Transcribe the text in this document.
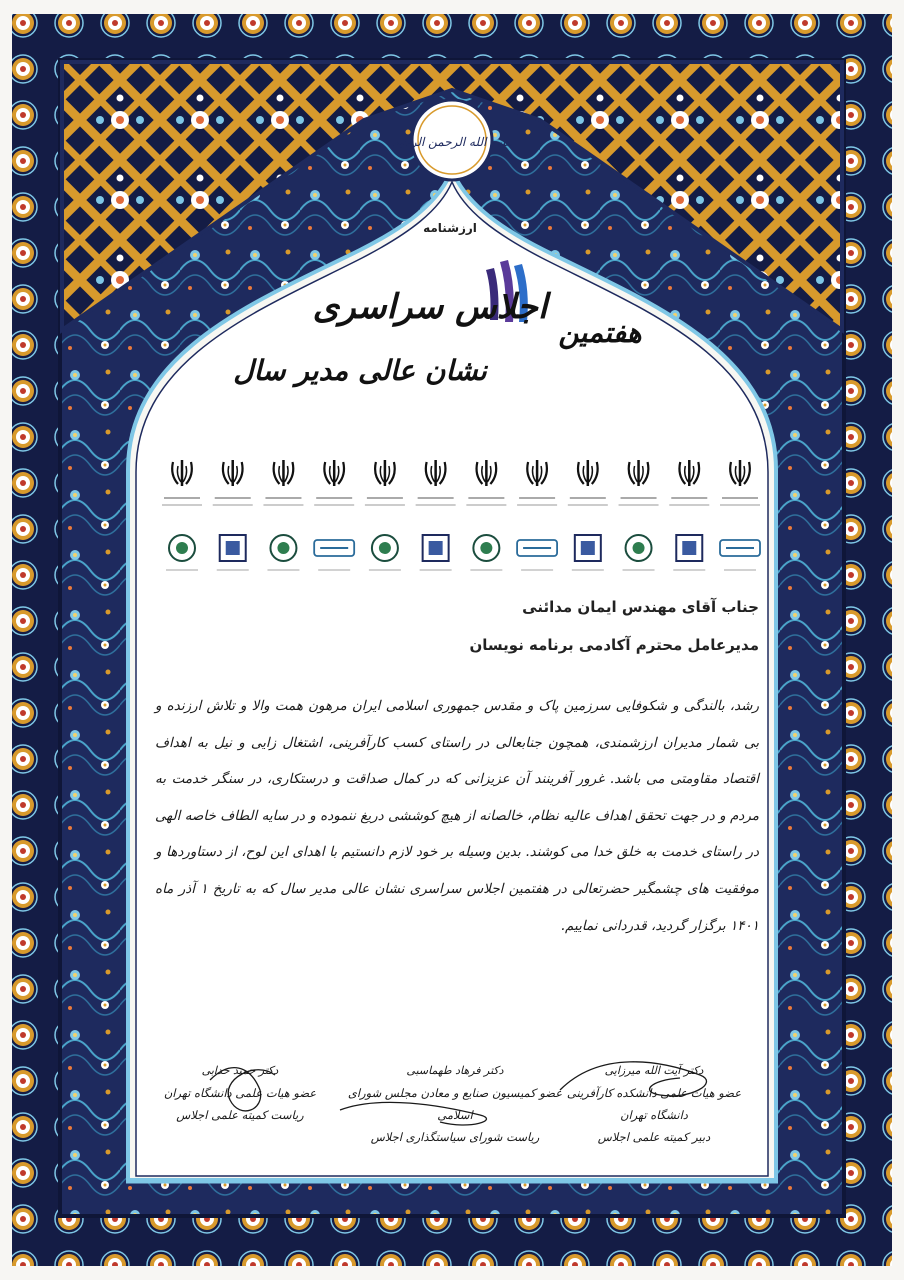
بسم الله الرحمن الرحیم
ارزشنامه
اجلاس سراسری
هفتمین
نشان عالی مدیر سال
جناب آقای مهندس ایمان مدائنی
مدیرعامل محترم آکادمی برنامه نویسان
رشد، بالندگی و شکوفایی سرزمین پاک و مقدس جمهوری اسلامی ایران مرهون همت والا و تلاش ارزنده و بی شمار مدیران ارزشمندی، همچون جنابعالی در راستای کسب کارآفرینی، اشتغال زایی و نیل به اهداف اقتصاد مقاومتی می باشد. غرور آفرینند آن عزیزانی که در کمال صداقت و درستکاری، در سنگر خدمت به مردم و در جهت تحقق اهداف عالیه نظام، خالصانه از هیچ کوششی دریغ ننموده و در سایه الطاف خاصه الهی در راستای خدمت به خلق خدا می کوشند. بدین وسیله بر خود لازم دانستیم با اهدای این لوح، از دستاوردها و موفقیت های چشمگیر حضرتعالی در هفتمین اجلاس سراسری نشان عالی مدیر سال که به تاریخ ۱ آذر ماه ۱۴۰۱ برگزار گردید، قدردانی نماییم.
دکتر آیت الله میرزایی
عضو هیات علمی دانشکده کارآفرینی دانشگاه تهران
دبیر کمیته علمی اجلاس
دکتر فرهاد طهماسبی
عضو کمیسیون صنایع و معادن مجلس شورای اسلامی
ریاست شورای سیاستگذاری اجلاس
دکتر حمید خدابی
عضو هیات علمی دانشگاه تهران
ریاست کمیته علمی اجلاس
